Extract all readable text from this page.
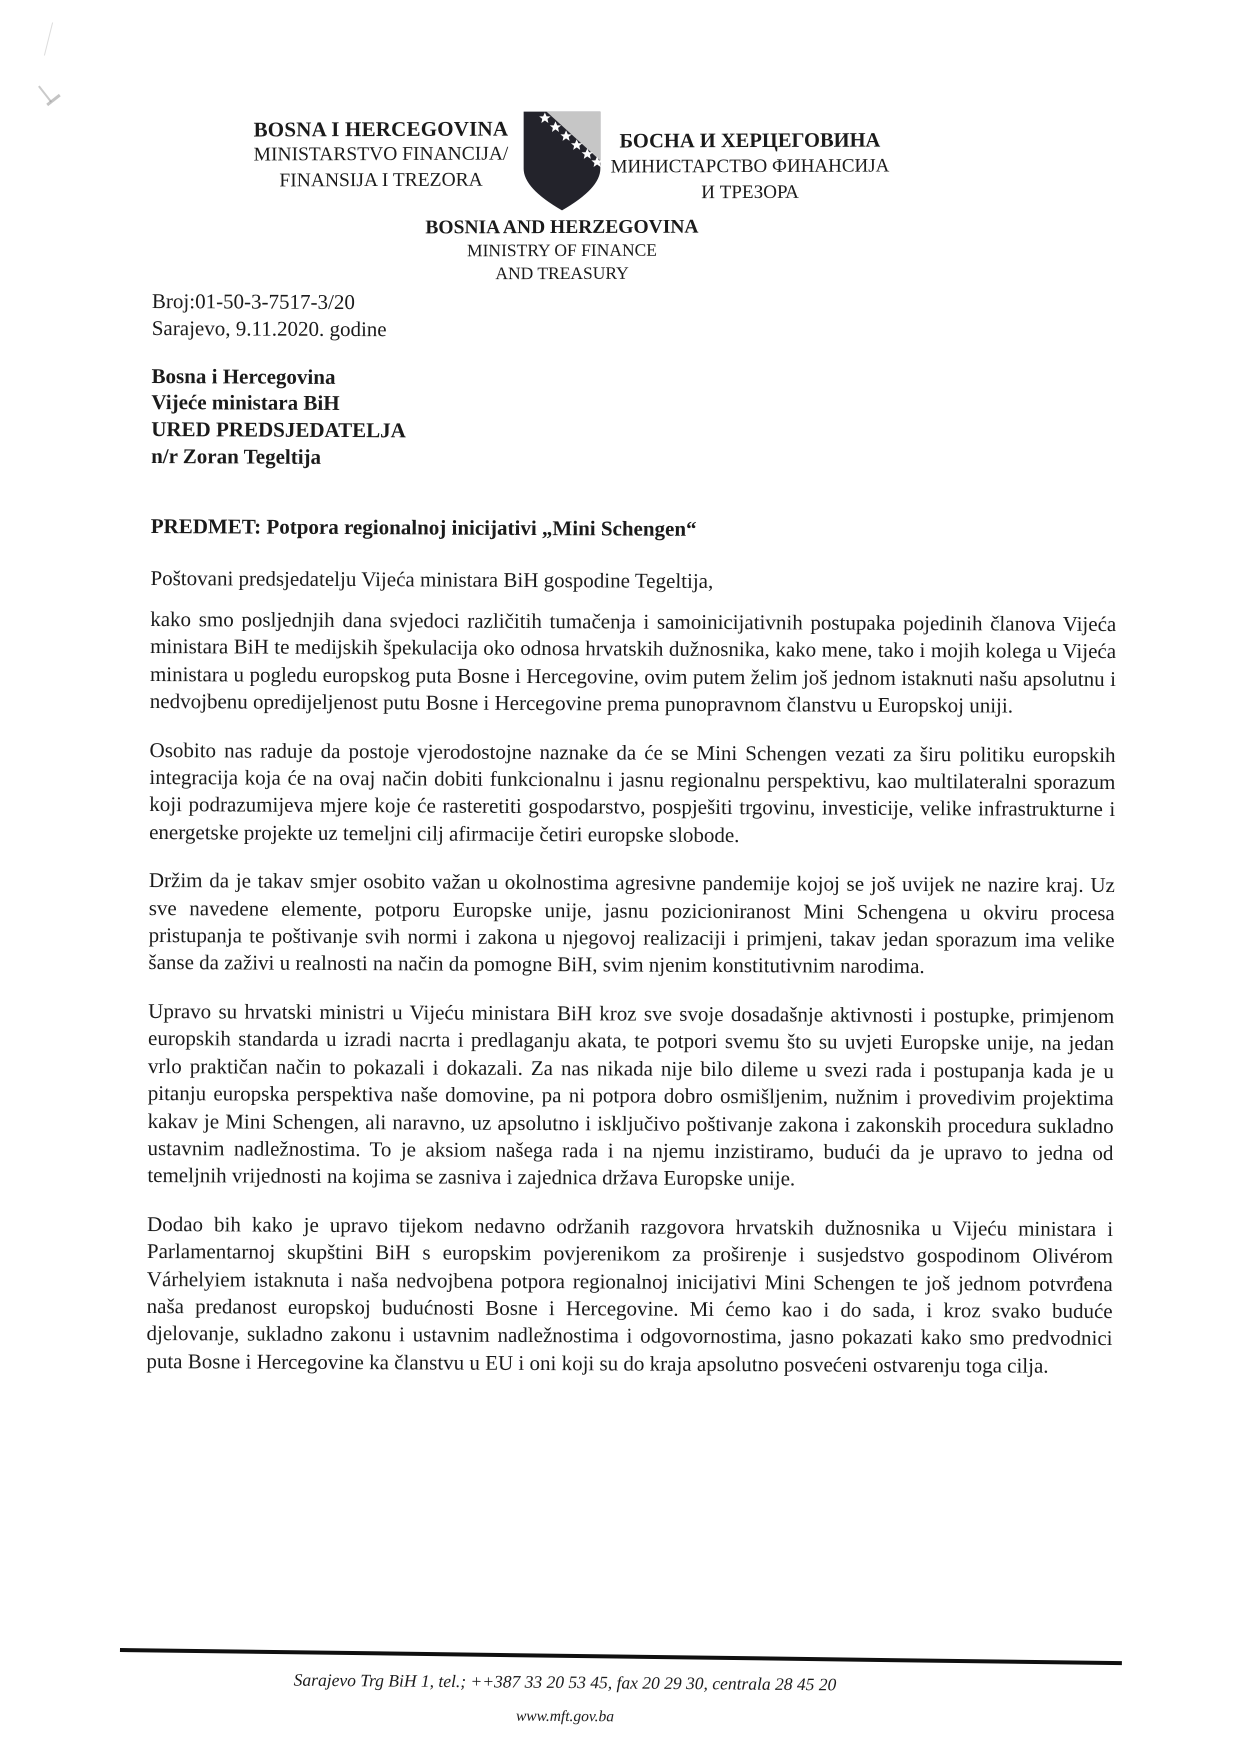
BOSNA I HERCEGOVINA
MINISTARSTVO FINANCIJA/
FINANSIJA I TREZORA
БОСНА И ХЕРЦЕГОВИНА
МИНИСТАРСТВО ФИНАНСИЈА
И ТРЕЗОРА
BOSNIA AND HERZEGOVINA
MINISTRY OF FINANCE
AND TREASURY
Broj:01-50-3-7517-3/20
Sarajevo, 9.11.2020. godine
Bosna i Hercegovina
Vijeće ministara BiH
URED PREDSJEDATELJA
n/r Zoran Tegeltija
PREDMET: Potpora regionalnoj inicijativi „Mini Schengen“
Poštovani predsjedatelju Vijeća ministara BiH gospodine Tegeltija,

kako smo posljednjih dana svjedoci različitih tumačenja i samoinicijativnih postupaka pojedinih članova Vijeća ministara BiH te medijskih špekulacija oko odnosa hrvatskih dužnosnika, kako mene, tako i mojih kolega u Vijeća ministara u pogledu europskog puta Bosne i Hercegovine, ovim putem želim još jednom istaknuti našu apsolutnu i nedvojbenu opredijeljenost putu Bosne i Hercegovine prema punopravnom članstvu u Europskoj uniji.

Osobito nas raduje da postoje vjerodostojne naznake da će se Mini Schengen vezati za širu politiku europskih integracija koja će na ovaj način dobiti funkcionalnu i jasnu regionalnu perspektivu, kao multilateralni sporazum koji podrazumijeva mjere koje će rasteretiti gospodarstvo, pospješiti trgovinu, investicije, velike infrastrukturne i energetske projekte uz temeljni cilj afirmacije četiri europske slobode.

Držim da je takav smjer osobito važan u okolnostima agresivne pandemije kojoj se još uvijek ne nazire kraj. Uz sve navedene elemente, potporu Europske unije, jasnu pozicioniranost Mini Schengena u okviru procesa pristupanja te poštivanje svih normi i zakona u njegovoj realizaciji i primjeni, takav jedan sporazum ima velike šanse da zaživi u realnosti na način da pomogne BiH, svim njenim konstitutivnim narodima.

Upravo su hrvatski ministri u Vijeću ministara BiH kroz sve svoje dosadašnje aktivnosti i postupke, primjenom europskih standarda u izradi nacrta i predlaganju akata, te potpori svemu što su uvjeti Europske unije, na jedan vrlo praktičan način to pokazali i dokazali. Za nas nikada nije bilo dileme u svezi rada i postupanja kada je u pitanju europska perspektiva naše domovine, pa ni potpora dobro osmišljenim, nužnim i provedivim projektima kakav je Mini Schengen, ali naravno, uz apsolutno i isključivo poštivanje zakona i zakonskih procedura sukladno ustavnim nadležnostima. To je aksiom našega rada i na njemu inzistiramo, budući da je upravo to jedna od temeljnih vrijednosti na kojima se zasniva i zajednica država Europske unije.

Dodao bih kako je upravo tijekom nedavno održanih razgovora hrvatskih dužnosnika u Vijeću ministara i Parlamentarnoj skupštini BiH s europskim povjerenikom za proširenje i susjedstvo gospodinom Olivérom Várhelyiem istaknuta i naša nedvojbena potpora regionalnoj inicijativi Mini Schengen te još jednom potvrđena naša predanost europskoj budućnosti Bosne i Hercegovine. Mi ćemo kao i do sada, i kroz svako buduće djelovanje, sukladno zakonu i ustavnim nadležnostima i odgovornostima, jasno pokazati kako smo predvodnici puta Bosne i Hercegovine ka članstvu u EU i oni koji su do kraja apsolutno posvećeni ostvarenju toga cilja.

Sarajevo Trg BiH 1, tel.; ++387 33 20 53 45, fax 20 29 30, centrala 28 45 20
www.mft.gov.ba
